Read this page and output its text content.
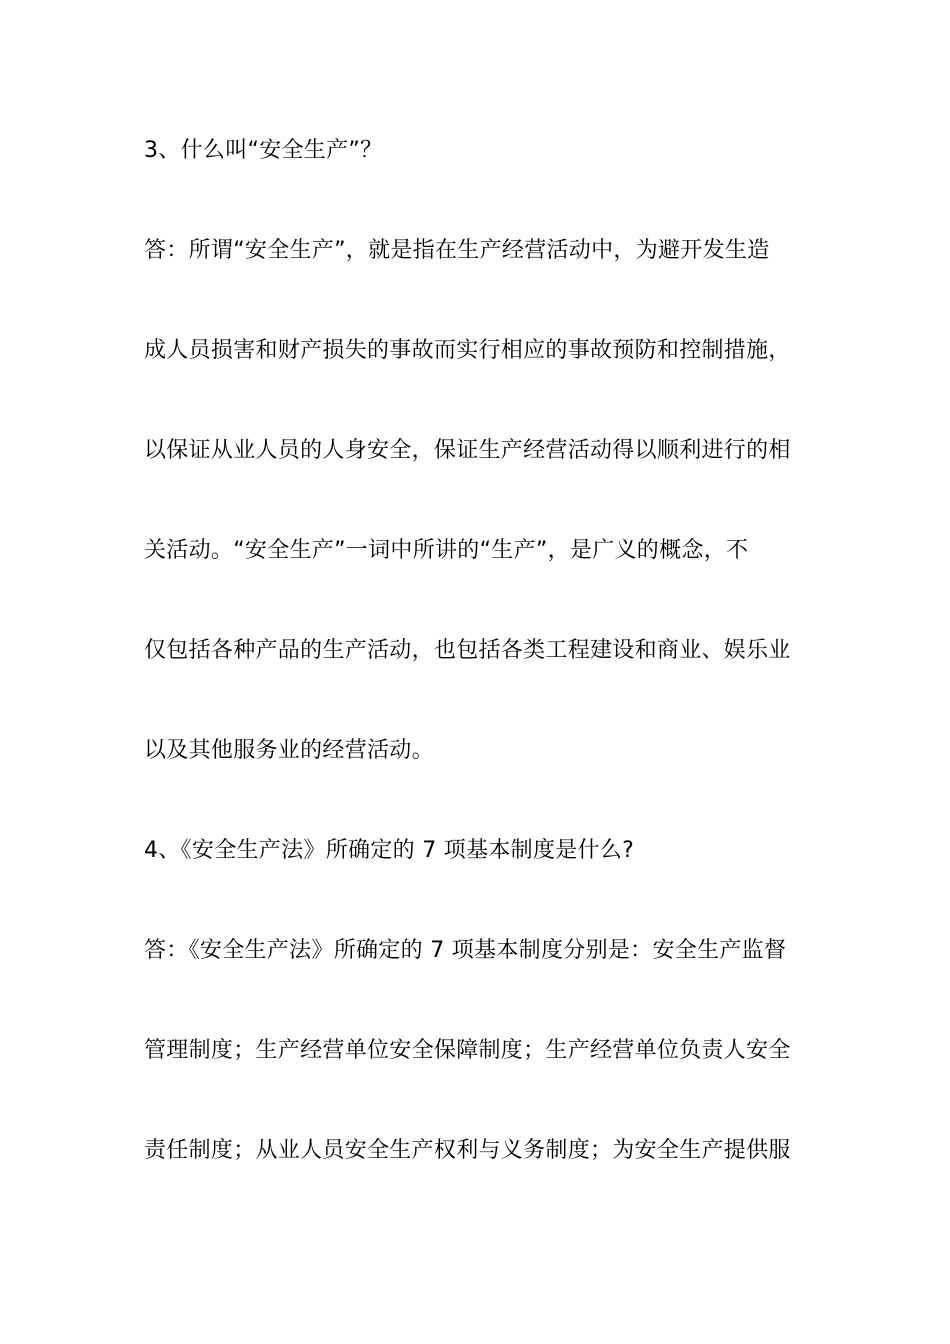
3、什么叫“安全生产”？
答：所谓“安全生产”，就是指在生产经营活动中，为避开发生造
成人员损害和财产损失的事故而实行相应的事故预防和控制措施，
以保证从业人员的人身安全，保证生产经营活动得以顺利进行的相
关活动。“安全生产”一词中所讲的“生产”，是广义的概念，不
仅包括各种产品的生产活动，也包括各类工程建设和商业、娱乐业
以及其他服务业的经营活动。
4、《安全生产法》所确定的 7 项基本制度是什么?
答：《安全生产法》所确定的 7 项基本制度分别是：安全生产监督
管理制度；生产经营单位安全保障制度；生产经营单位负责人安全
责任制度；从业人员安全生产权利与义务制度；为安全生产提供服
